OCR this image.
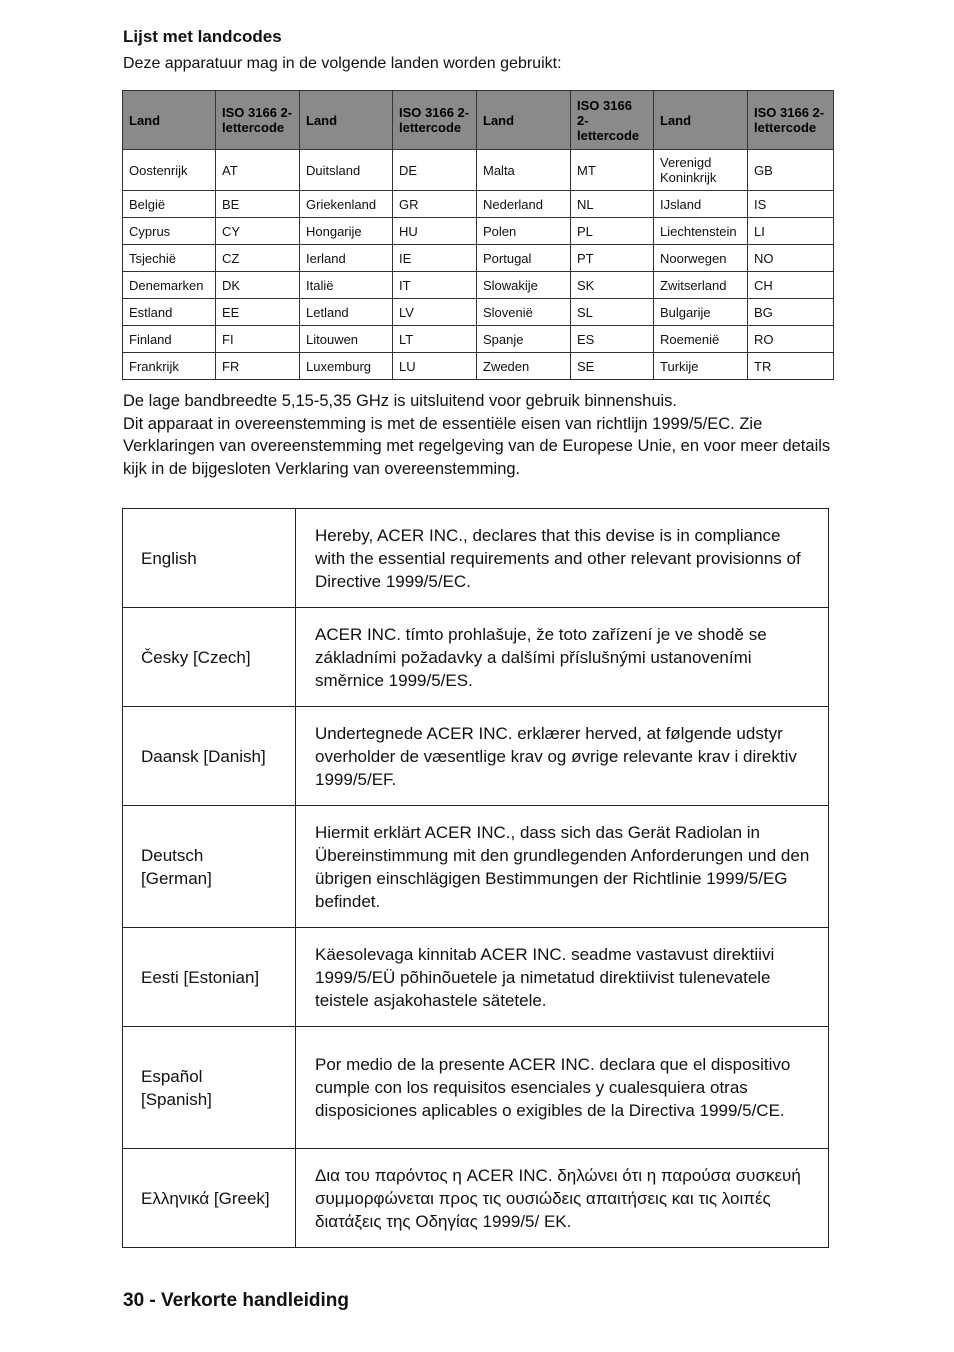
Lijst met landcodes
Deze apparatuur mag in de volgende landen worden gebruikt:
Land	ISO 3166 2-lettercode	Land	ISO 3166 2-lettercode	Land	ISO 3166 2-lettercode	Land	ISO 3166 2-lettercode
Oostenrijk	AT	Duitsland	DE	Malta	MT	Verenigd Koninkrijk	GB
België	BE	Griekenland	GR	Nederland	NL	IJsland	IS
Cyprus	CY	Hongarije	HU	Polen	PL	Liechtenstein	LI
Tsjechië	CZ	Ierland	IE	Portugal	PT	Noorwegen	NO
Denemarken	DK	Italië	IT	Slowakije	SK	Zwitserland	CH
Estland	EE	Letland	LV	Slovenië	SL	Bulgarije	BG
Finland	FI	Litouwen	LT	Spanje	ES	Roemenië	RO
Frankrijk	FR	Luxemburg	LU	Zweden	SE	Turkije	TR

De lage bandbreedte 5,15-5,35 GHz is uitsluitend voor gebruik binnenshuis.

Dit apparaat in overeenstemming is met de essentiële eisen van richtlijn 1999/5/EC. Zie Verklaringen van overeenstemming met regelgeving van de Europese Unie, en voor meer details kijk in de bijgesloten Verklaring van overeenstemming.

English	Hereby, ACER INC., declares that this devise is in compliance with the essential requirements and other relevant provisionns of Directive 1999/5/EC.
Česky [Czech]	ACER INC. tímto prohlašuje, že toto zařízení je ve shodě se základními požadavky a dalšími příslušnými ustanoveními směrnice 1999/5/ES.
Daansk [Danish]	Undertegnede ACER INC. erklærer herved, at følgende udstyr overholder de væsentlige krav og øvrige relevante krav i direktiv 1999/5/EF.
Deutsch [German]	Hiermit erklärt ACER INC., dass sich das Gerät Radiolan in Übereinstimmung mit den grundlegenden Anforderungen und den übrigen einschlägigen Bestimmungen der Richtlinie 1999/5/EG befindet.
Eesti [Estonian]	Käesolevaga kinnitab ACER INC. seadme vastavust direktiivi 1999/5/EÜ põhinõuetele ja nimetatud direktiivist tulenevatele teistele asjakohastele sätetele.
Español [Spanish]	Por medio de la presente ACER INC. declara que el dispositivo cumple con los requisitos esenciales y cualesquiera otras disposiciones aplicables o exigibles de la Directiva 1999/5/CE.
Ελληνικά [Greek]	Δια του παρόντος η ACER INC. δηλώνει ότι η παρούσα συσκευή συμμορφώνεται προς τις ουσιώδεις απαιτήσεις και τις λοιπές διατάξεις της Οδηγίας 1999/5/ ΕΚ.
30 - Verkorte handleiding
